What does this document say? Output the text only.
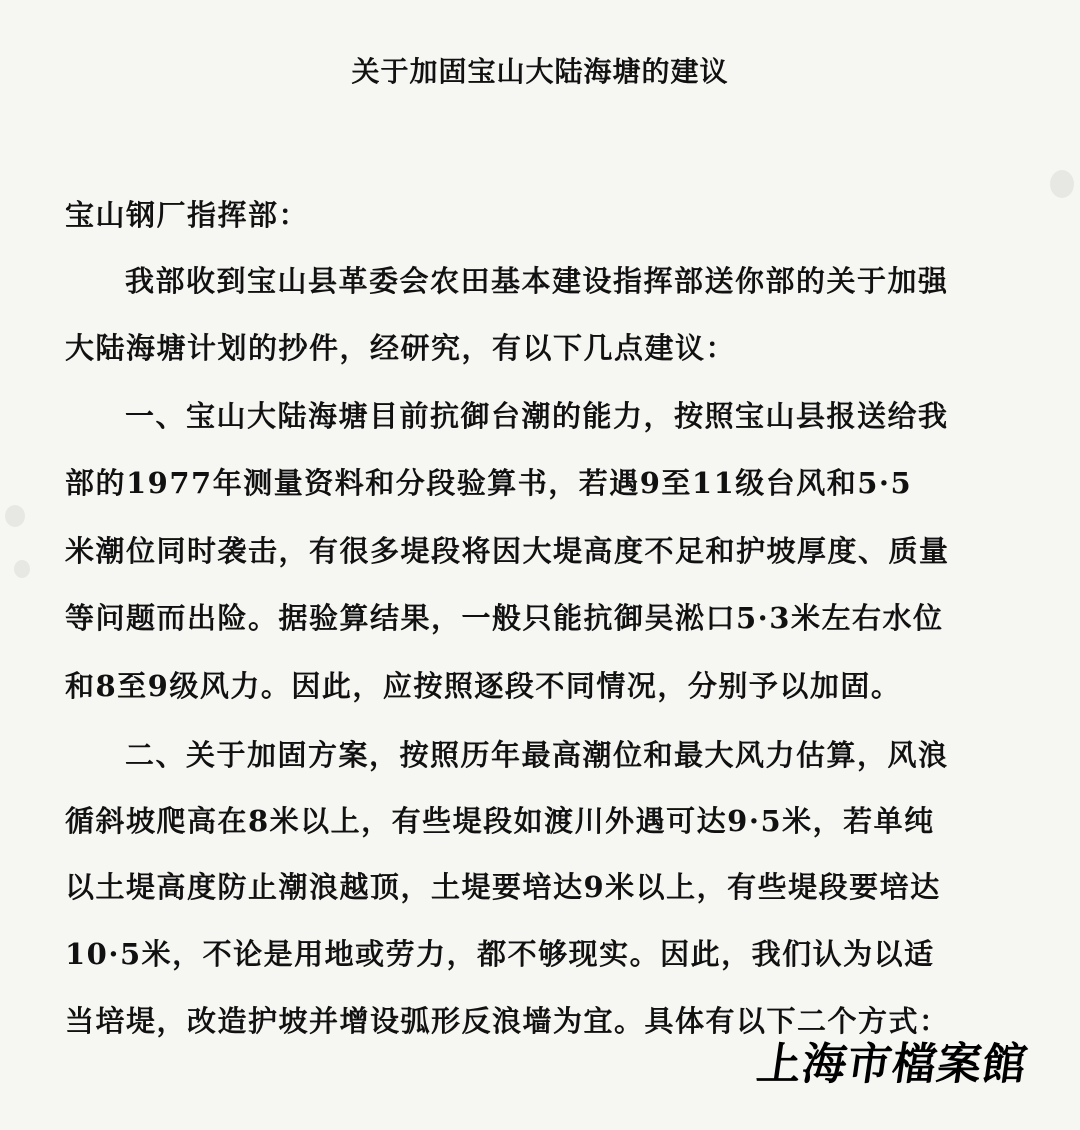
关于加固宝山大陆海塘的建议
宝山钢厂指挥部：
我部收到宝山县革委会农田基本建设指挥部送你部的关于加强
大陆海塘计划的抄件，经研究，有以下几点建议：
一、宝山大陆海塘目前抗御台潮的能力，按照宝山县报送给我
部的1977年测量资料和分段验算书，若遇9至11级台风和5·5
米潮位同时袭击，有很多堤段将因大堤高度不足和护坡厚度、质量
等问题而出险。据验算结果，一般只能抗御吴淞口5·3米左右水位
和8至9级风力。因此，应按照逐段不同情况，分别予以加固。
二、关于加固方案，按照历年最高潮位和最大风力估算，风浪
循斜坡爬高在8米以上，有些堤段如渡川外遇可达9·5米，若单纯
以土堤高度防止潮浪越顶，土堤要培达9米以上，有些堤段要培达
10·5米，不论是用地或劳力，都不够现实。因此，我们认为以适
当培堤，改造护坡并增设弧形反浪墙为宜。具体有以下二个方式：
上海市檔案館
